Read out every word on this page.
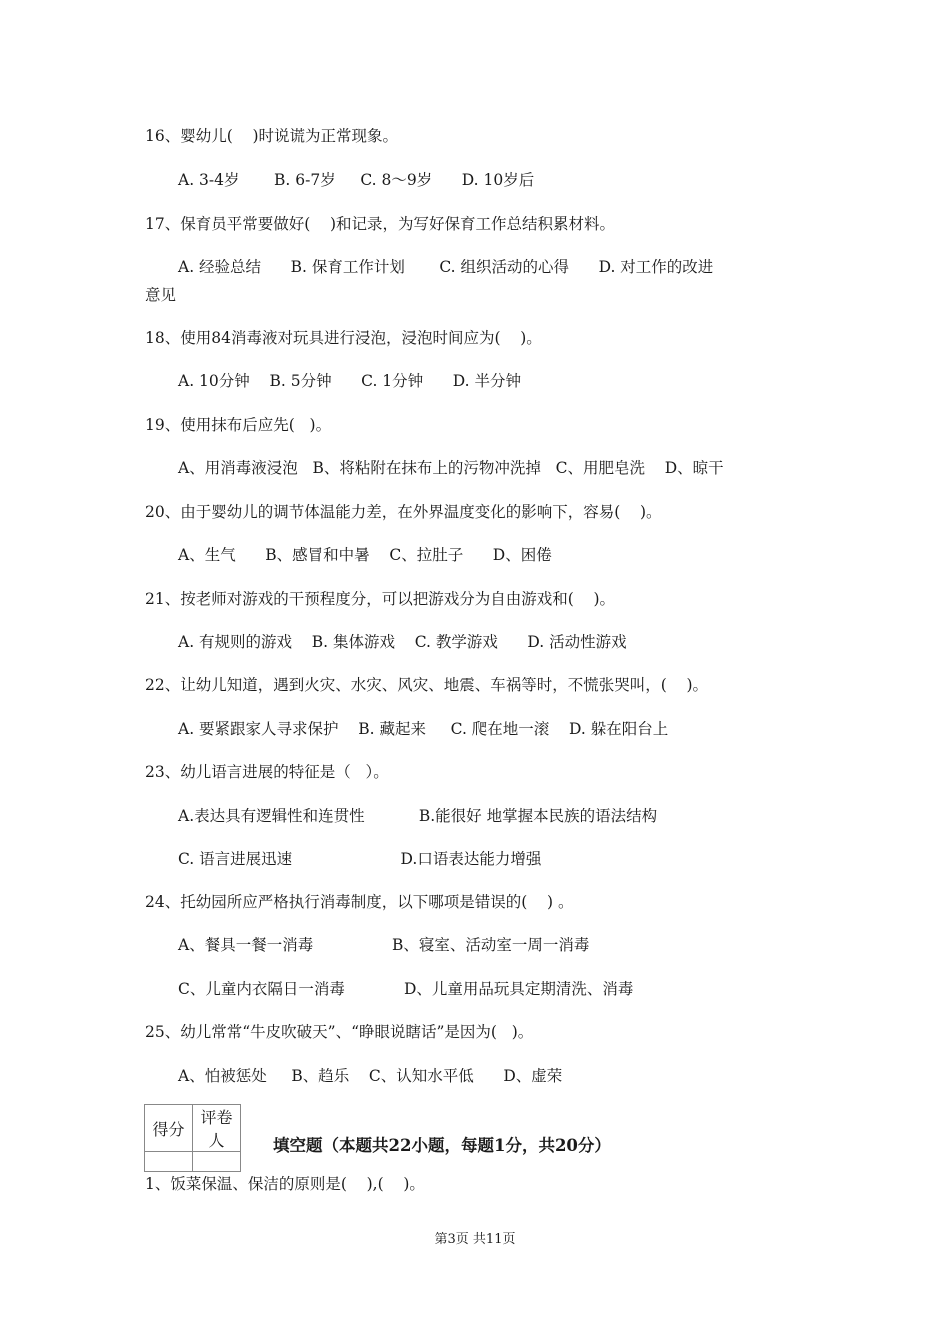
16、婴幼儿(    )时说谎为正常现象。
A. 3-4岁       B. 6-7岁     C. 8～9岁      D. 10岁后
17、保育员平常要做好(    )和记录，为写好保育工作总结积累材料。
A. 经验总结      B. 保育工作计划       C. 组织活动的心得      D. 对工作的改进
意见
18、使用84消毒液对玩具进行浸泡，浸泡时间应为(    )。
A. 10分钟    B. 5分钟      C. 1分钟      D. 半分钟
19、使用抹布后应先(   )。
A、用消毒液浸泡   B、将粘附在抹布上的污物冲洗掉   C、用肥皂洗    D、晾干
20、由于婴幼儿的调节体温能力差，在外界温度变化的影响下，容易(    )。
A、生气      B、感冒和中暑    C、拉肚子      D、困倦
21、按老师对游戏的干预程度分，可以把游戏分为自由游戏和(    )。
A. 有规则的游戏    B. 集体游戏    C. 教学游戏      D. 活动性游戏
22、让幼儿知道，遇到火灾、水灾、风灾、地震、车祸等时，不慌张哭叫，(    )。
A. 要紧跟家人寻求保护    B. 藏起来     C. 爬在地一滚    D. 躲在阳台上
23、幼儿语言进展的特征是（   ）。
A.表达具有逻辑性和连贯性           B.能很好 地掌握本民族的语法结构
C. 语言进展迅速                      D.口语表达能力增强
24、托幼园所应严格执行消毒制度，以下哪项是错误的(    ) 。
A、餐具一餐一消毒                B、寝室、活动室一周一消毒
C、儿童内衣隔日一消毒            D、儿童用品玩具定期清洗、消毒
25、幼儿常常“牛皮吹破天”、“睁眼说瞎话”是因为(   )。
A、怕被惩处     B、趋乐    C、认知水平低      D、虚荣
得分	评卷人
		填空题（本题共22小题，每题1分，共20分）
1、饭菜保温、保洁的原则是(    ),(    )。
第3页 共11页
